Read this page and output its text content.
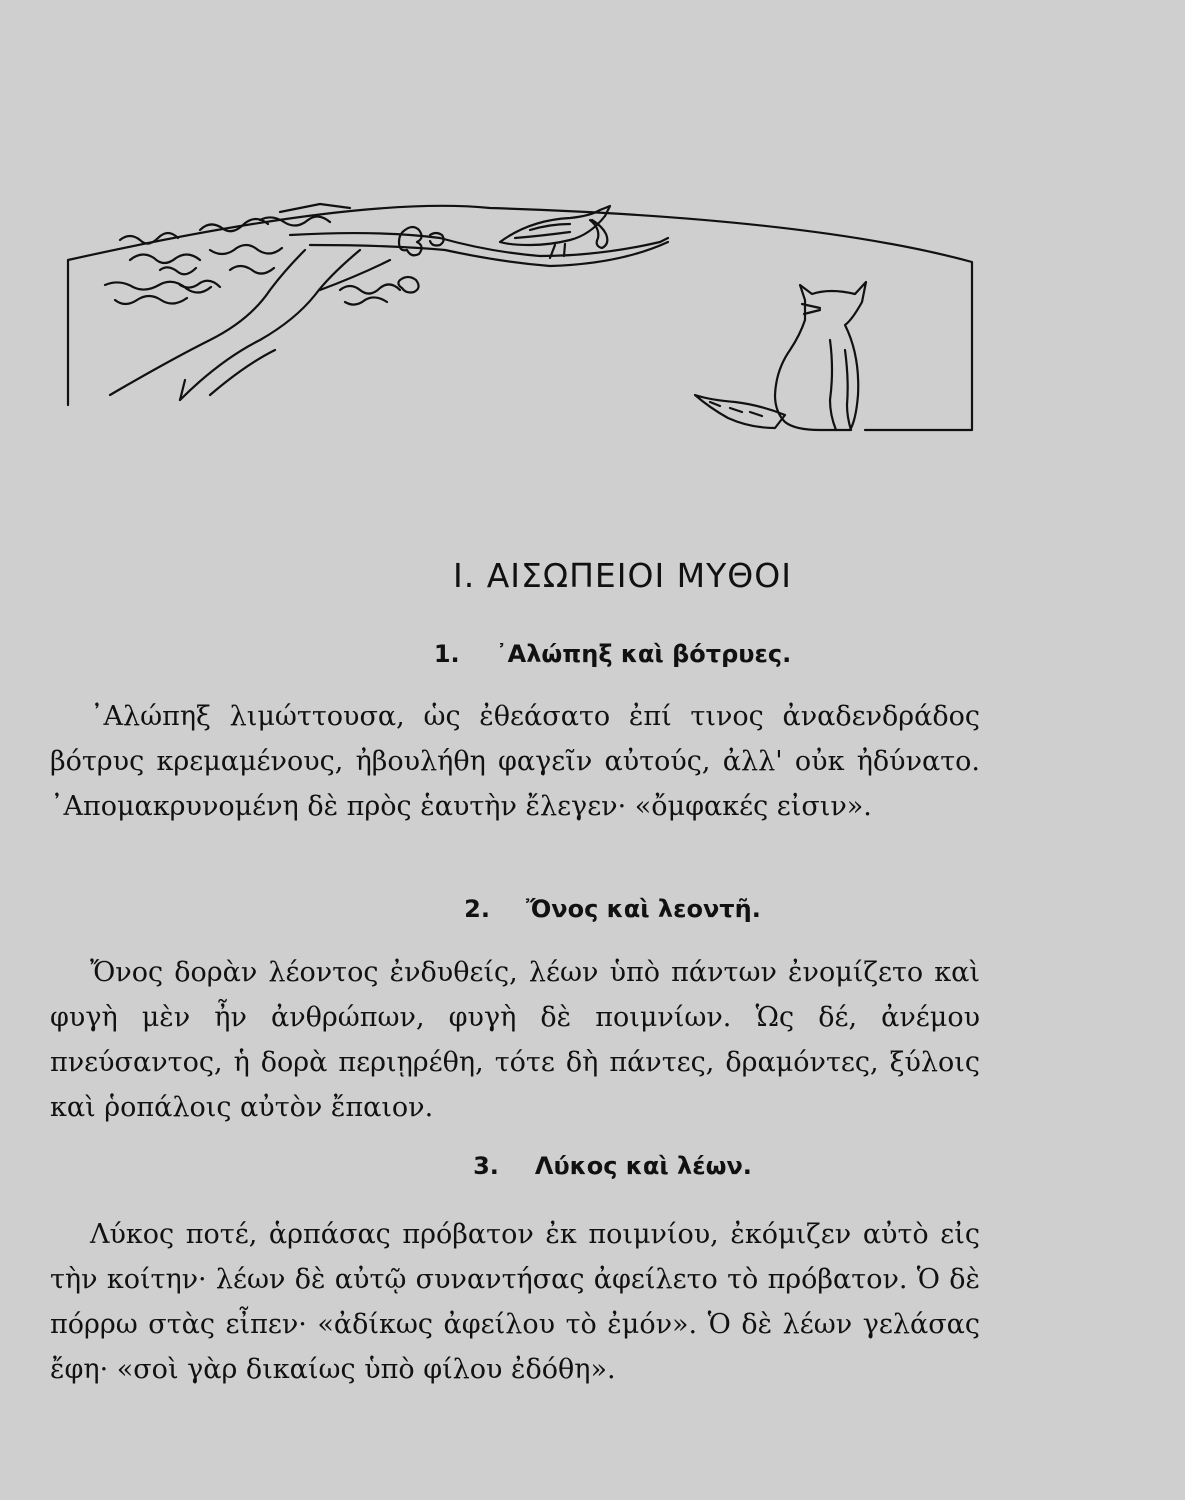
I. ΑΙΣΩΠΕΙΟΙ ΜΥΘΟΙ
1. ᾿Αλώπηξ καὶ βότρυες.

᾿Αλώπηξ λιμώττουσα, ὡς ἐθεάσατο ἐπί τινος ἀναδενδράδος βότρυς κρεμαμένους, ἠβουλήθη φαγεῖν αὐτούς, ἀλλ' οὐκ ἠδύνατο. ᾿Απομακρυνομένη δὲ πρὸς ἑαυτὴν ἔλεγεν· «ὄμφακές εἰσιν».

2. Ὄνος καὶ λεοντῆ.

Ὄνος δορὰν λέοντος ἐνδυθείς, λέων ὑπὸ πάντων ἐνομίζετο καὶ φυγὴ μὲν ἦν ἀνθρώπων, φυγὴ δὲ ποιμνίων. Ὡς δέ, ἀνέμου πνεύσαντος, ἡ δορὰ περιῃρέθη, τότε δὴ πάντες, δραμόντες, ξύλοις καὶ ῥοπάλοις αὐτὸν ἔπαιον.

3. Λύκος καὶ λέων.

Λύκος ποτέ, ἁρπάσας πρόβατον ἐκ ποιμνίου, ἐκόμιζεν αὐτὸ εἰς τὴν κοίτην· λέων δὲ αὐτῷ συναντήσας ἀφείλετο τὸ πρόβατον. Ὁ δὲ πόρρω στὰς εἶπεν· «ἀδίκως ἀφείλου τὸ ἐμόν». Ὁ δὲ λέων γελάσας ἔφη· «σοὶ γὰρ δικαίως ὑπὸ φίλου ἐδόθη».
